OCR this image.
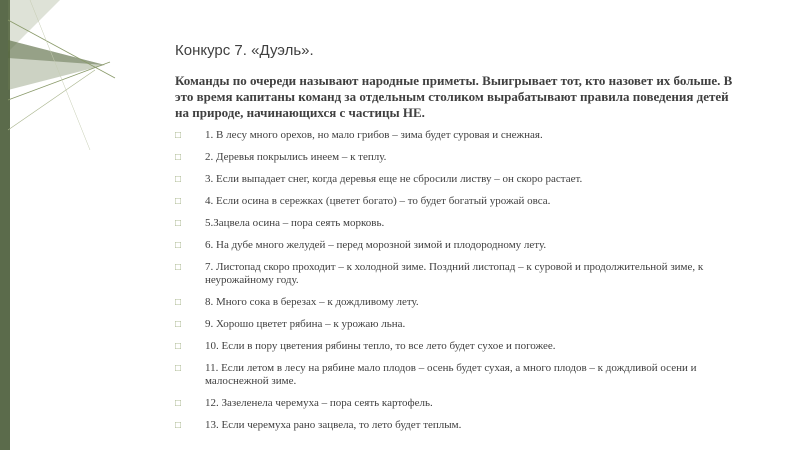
Конкурс 7. «Дуэль».

Команды по очереди называют народные приметы. Выигрывает тот, кто назовет их больше. В это время капитаны команд за отдельным столиком вырабатывают правила поведения детей на природе, начинающихся с частицы НЕ.

□	1. В лесу много орехов, но мало грибов – зима будет суровая и снежная.
□	2. Деревья покрылись инеем – к теплу.
□	3. Если выпадает снег, когда деревья еще не сбросили листву – он скоро растает.
□	4. Если осина в сережках (цветет богато) – то будет богатый урожай овса.
□	5.Зацвела осина – пора сеять морковь.
□	6. На дубе много желудей – перед морозной зимой и плодородному лету.
□	7. Листопад скоро проходит – к холодной зиме. Поздний листопад – к суровой и продолжительной зиме, к неурожайному году.
□	8. Много сока в березах – к дождливому лету.
□	9. Хорошо цветет рябина – к урожаю льна.
□	10. Если в пору цветения рябины тепло, то все лето будет сухое и погожее.
□	11. Если летом в лесу на рябине мало плодов – осень будет сухая, а много плодов – к дождливой осени и малоснежной зиме.
□	12. Зазеленела черемуха – пора сеять картофель.
□	13. Если черемуха рано зацвела, то лето будет теплым.
